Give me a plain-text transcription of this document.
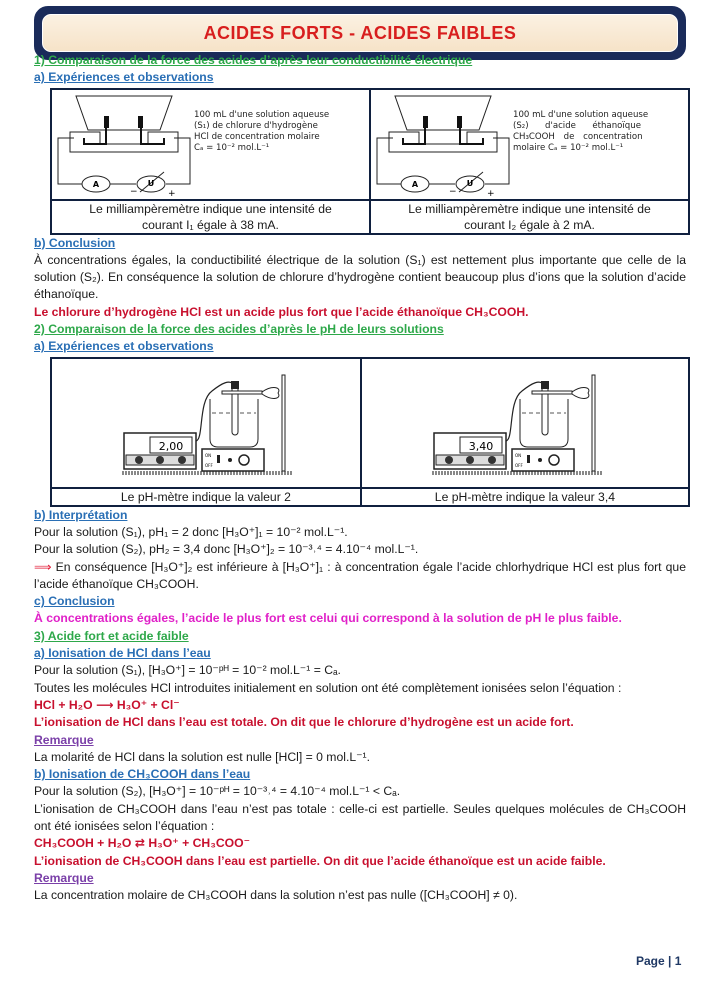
ACIDES FORTS - ACIDES FAIBLES
1) Comparaison de la force des acides d’après leur conductibilité électrique
a) Expériences et observations
A	U
−	+
100 mL d'une solution aqueuse
(S₁) de chlorure d'hydrogène
HCl de concentration molaire
Cₐ = 10⁻² mol.L⁻¹

A	U
−	+
100 mL d'une solution aqueuse
(S₂)      d'acide      éthanoïque
CH₃COOH de concentration
molaire Cₐ = 10⁻² mol.L⁻¹

Le milliampèremètre indique une intensité de
courant I₁ égale à 38 mA.

Le milliampèremètre indique une intensité de
courant I₂ égale à 2 mA.
b) Conclusion
À concentrations égales, la conductibilité électrique de la solution (S₁) est nettement plus importante que celle de la solution (S₂). En conséquence la solution de chlorure d’hydrogène contient beaucoup plus d’ions que la solution d’acide éthanoïque.
Le chlorure d’hydrogène HCl est un acide plus fort que l’acide éthanoïque CH₃COOH.
2) Comparaison de la force des acides d’après le pH de leurs solutions
a) Expériences et observations
2,00
ON
OFF	3,40
ON
OFF

Le pH-mètre indique la valeur 2	Le pH-mètre indique la valeur 3,4
b) Interprétation
Pour la solution (S₁), pH₁ = 2 donc [H₃O⁺]₁ = 10⁻² mol.L⁻¹.
Pour la solution (S₂), pH₂ = 3,4 donc [H₃O⁺]₂ = 10⁻³˒⁴ = 4.10⁻⁴ mol.L⁻¹.
⟹ En conséquence [H₃O⁺]₂ est inférieure à [H₃O⁺]₁ : à concentration égale l’acide chlorhydrique HCl est plus fort que l’acide éthanoïque CH₃COOH.
c) Conclusion
À concentrations égales, l’acide le plus fort est celui qui correspond à la solution de pH le plus faible.
3) Acide fort et acide faible
a) Ionisation de HCl dans l’eau
Pour la solution (S₁), [H₃O⁺] = 10⁻ᵖᴴ = 10⁻² mol.L⁻¹ = Cₐ.
Toutes les molécules HCl introduites initialement en solution ont été complètement ionisées selon l’équation :
HCl + H₂O ⟶ H₃O⁺ + Cl⁻
L’ionisation de HCl dans l’eau est totale. On dit que le chlorure d’hydrogène est un acide fort.
Remarque
La molarité de HCl dans la solution est nulle [HCl] = 0 mol.L⁻¹.
b) Ionisation de CH₃COOH dans l’eau
Pour la solution (S₂), [H₃O⁺] = 10⁻ᵖᴴ = 10⁻³˒⁴ = 4.10⁻⁴ mol.L⁻¹ < Cₐ.
L’ionisation de CH₃COOH dans l’eau n’est pas totale : celle-ci est partielle. Seules quelques molécules de CH₃COOH ont été ionisées selon l’équation :
CH₃COOH + H₂O ⇄ H₃O⁺ + CH₃COO⁻
L’ionisation de CH₃COOH dans l’eau est partielle. On dit que l’acide éthanoïque est un acide faible.
Remarque
La concentration molaire de CH₃COOH dans la solution n’est pas nulle ([CH₃COOH] ≠ 0).
Page | 1
